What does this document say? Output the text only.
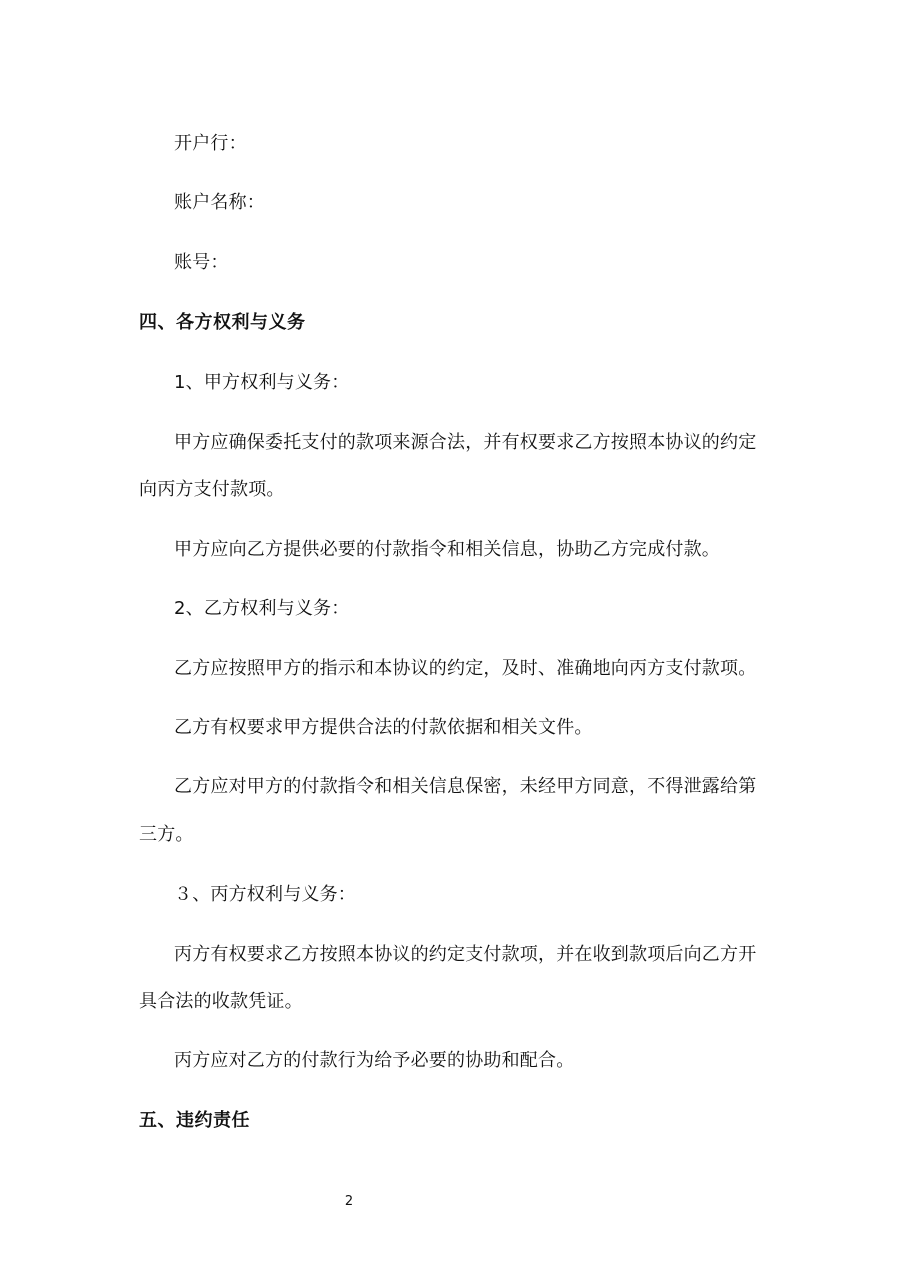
开户行：
账户名称：
账号：
四、各方权利与义务
1、甲方权利与义务：
甲方应确保委托支付的款项来源合法，并有权要求乙方按照本协议的约定
向丙方支付款项。
甲方应向乙方提供必要的付款指令和相关信息，协助乙方完成付款。
2、乙方权利与义务：
乙方应按照甲方的指示和本协议的约定，及时、准确地向丙方支付款项。
乙方有权要求甲方提供合法的付款依据和相关文件。
乙方应对甲方的付款指令和相关信息保密，未经甲方同意，不得泄露给第
三方。
３、丙方权利与义务：
丙方有权要求乙方按照本协议的约定支付款项，并在收到款项后向乙方开
具合法的收款凭证。
丙方应对乙方的付款行为给予必要的协助和配合。
五、违约责任
2
